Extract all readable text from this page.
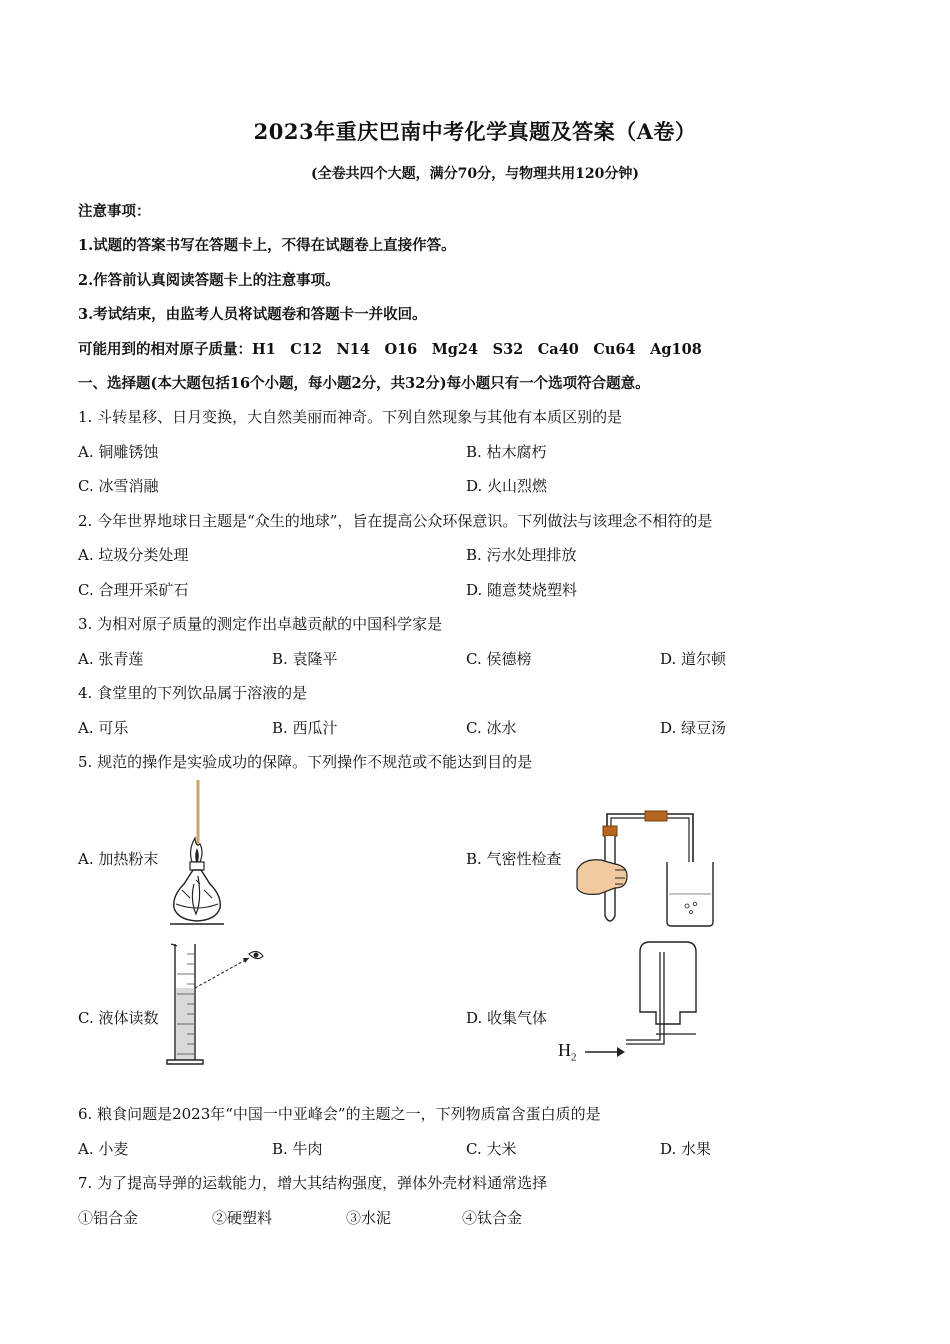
2023年重庆巴南中考化学真题及答案（A卷）
(全卷共四个大题，满分70分，与物理共用120分钟)
注意事项：
1.试题的答案书写在答题卡上，不得在试题卷上直接作答。
2.作答前认真阅读答题卡上的注意事项。
3.考试结束，由监考人员将试题卷和答题卡一并收回。
可能用到的相对原子质量：H1　C12　N14　O16　Mg24　S32　Ca40　Cu64　Ag108
一、选择题(本大题包括16个小题，每小题2分，共32分)每小题只有一个选项符合题意。
1. 斗转星移、日月变换，大自然美丽而神奇。下列自然现象与其他有本质区别的是
A. 铜雕锈蚀	B. 枯木腐朽
C. 冰雪消融	D. 火山烈燃
2. 今年世界地球日主题是“众生的地球”，旨在提高公众环保意识。下列做法与该理念不相符的是
A. 垃圾分类处理	B. 污水处理排放
C. 合理开采矿石	D. 随意焚烧塑料
3. 为相对原子质量的测定作出卓越贡献的中国科学家是
A. 张青莲	B. 袁隆平	C. 侯德榜	D. 道尔顿
4. 食堂里的下列饮品属于溶液的是
A. 可乐	B. 西瓜汁	C. 冰水	D. 绿豆汤
5. 规范的操作是实验成功的保障。下列操作不规范或不能达到目的是
A. 加热粉末	B. 气密性检查
C. 液体读数	D. 收集气体
$H_2$
6. 粮食问题是2023年“中国一中亚峰会”的主题之一，下列物质富含蛋白质的是
A. 小麦	B. 牛肉	C. 大米	D. 水果
7. 为了提高导弹的运载能力，增大其结构强度，弹体外壳材料通常选择
①铝合金	②硬塑料	③水泥	④钛合金
